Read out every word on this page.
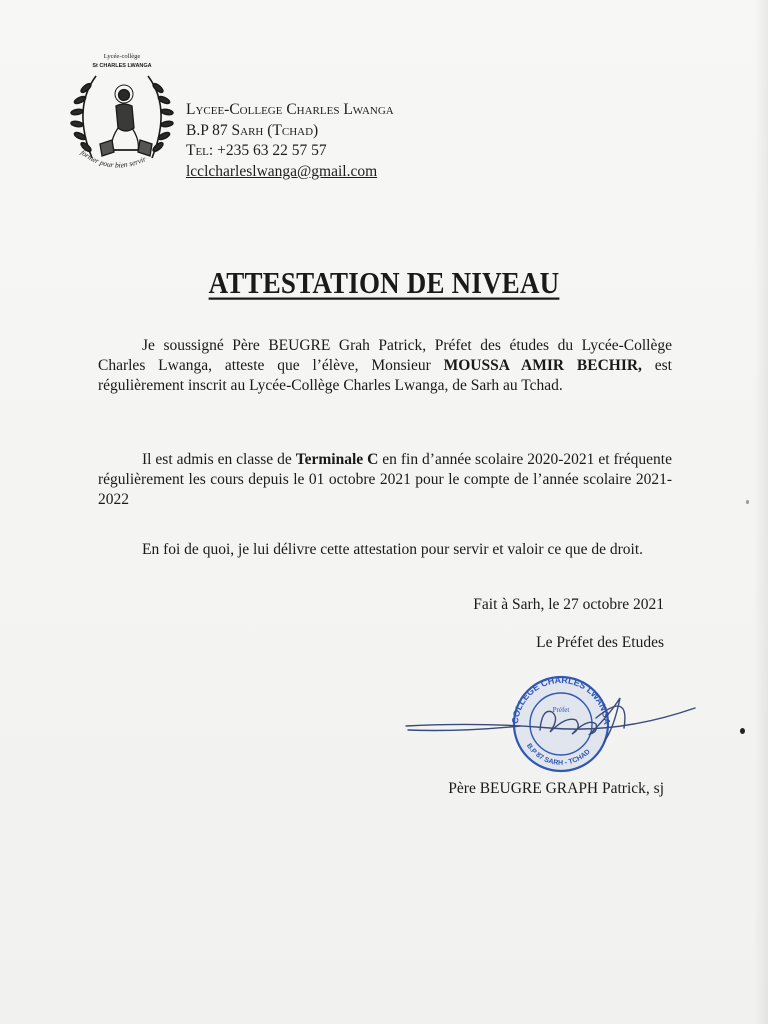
Lycée-collège
St CHARLES LWANGA
former pour bien servir
Lycee-College Charles Lwanga
B.P 87 Sarh (Tchad)
Tel: +235 63 22 57 57
lcclcharleslwanga@gmail.com
ATTESTATION DE NIVEAU
Je soussigné Père BEUGRE Grah Patrick, Préfet des études du Lycée-Collège Charles Lwanga, atteste que l’élève, Monsieur MOUSSA AMIR BECHIR, est régulièrement inscrit au Lycée-Collège Charles Lwanga, de Sarh au Tchad.
Il est admis en classe de Terminale C en fin d’année scolaire 2020-2021 et fréquente régulièrement les cours depuis le 01 octobre 2021 pour le compte de l’année scolaire 2021-2022
En foi de quoi, je lui délivre cette attestation pour servir et valoir ce que de droit.
Fait à Sarh, le 27 octobre 2021
Le Préfet des Etudes
COLLEGE CHARLES LWANGA
B.P 87 SARH - TCHAD
Préfet
Père BEUGRE GRAPH Patrick, sj
